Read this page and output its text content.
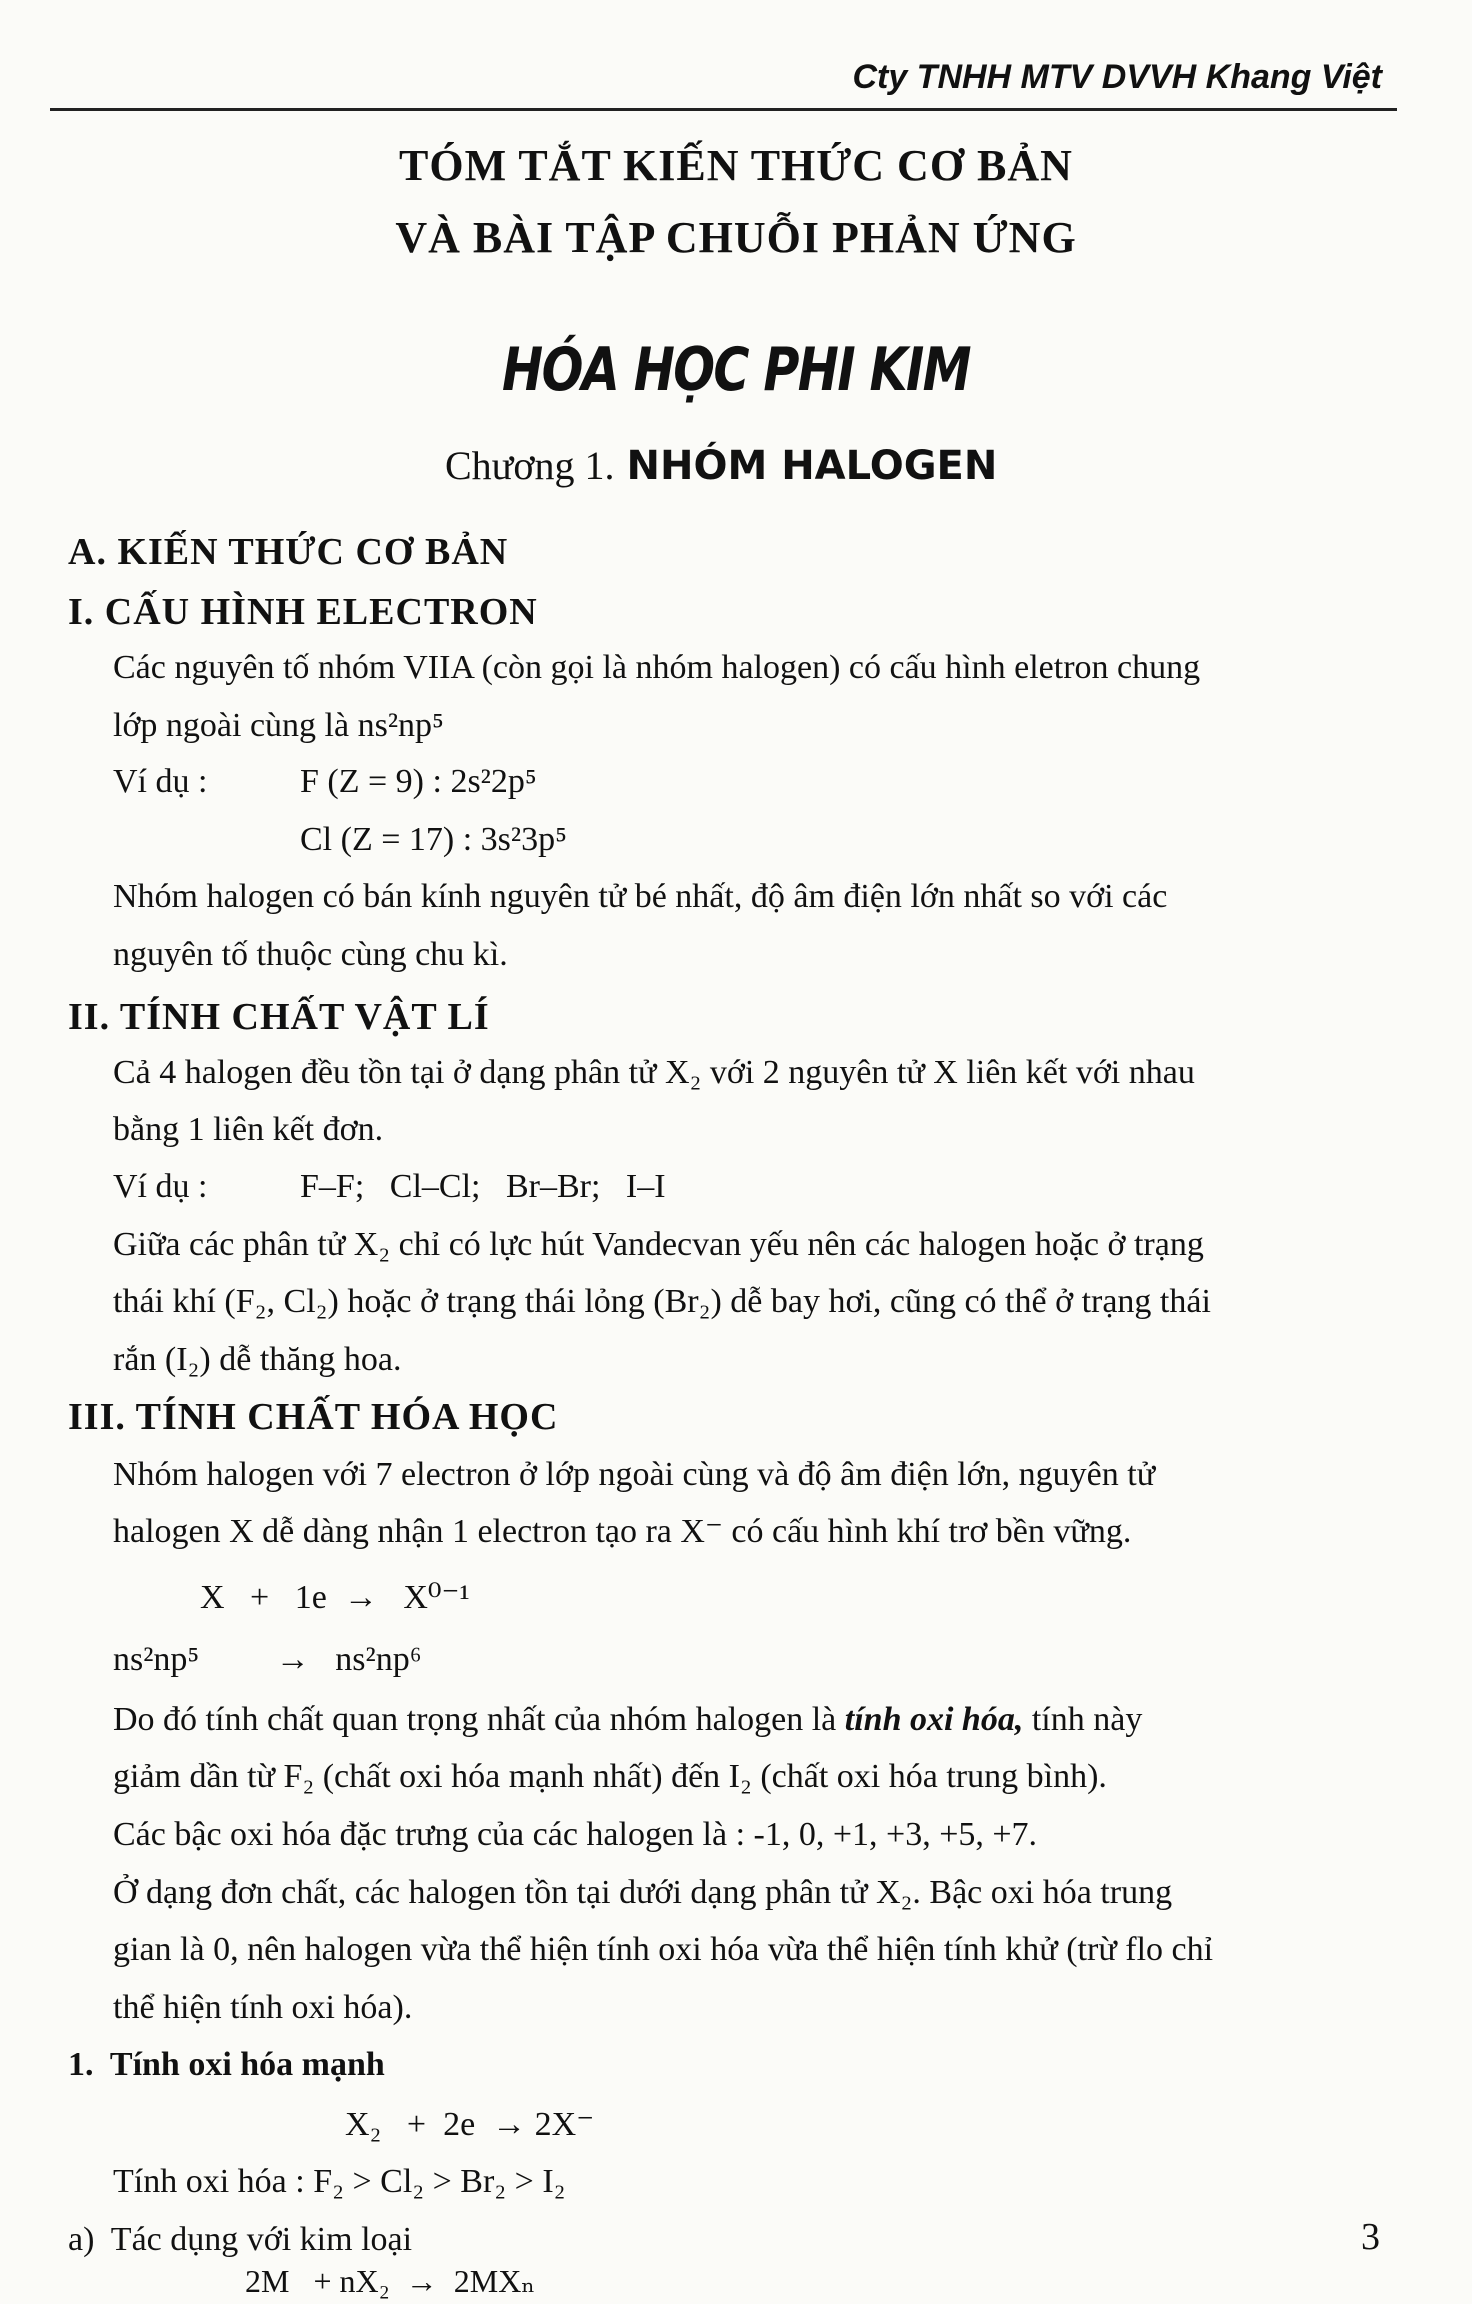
Cty TNHH MTV DVVH Khang Việt
TÓM TẮT KIẾN THỨC CƠ BẢN
VÀ BÀI TẬP CHUỖI PHẢN ỨNG
HÓA HỌC PHI KIM
Chương 1. NHÓM HALOGEN
A. KIẾN THỨC CƠ BẢN
I. CẤU HÌNH ELECTRON
Các nguyên tố nhóm VIIA (còn gọi là nhóm halogen) có cấu hình eletron chung
lớp ngoài cùng là ns²np⁵
Ví dụ :	F (Z = 9) : 2s²2p⁵
Cl (Z = 17) : 3s²3p⁵
Nhóm halogen có bán kính nguyên tử bé nhất, độ âm điện lớn nhất so với các
nguyên tố thuộc cùng chu kì.
II. TÍNH CHẤT VẬT LÍ
Cả 4 halogen đều tồn tại ở dạng phân tử X₂ với 2 nguyên tử X liên kết với nhau
bằng 1 liên kết đơn.
Ví dụ :	F–F;   Cl–Cl;   Br–Br;   I–I
Giữa các phân tử X₂ chỉ có lực hút Vandecvan yếu nên các halogen hoặc ở trạng
thái khí (F₂, Cl₂) hoặc ở trạng thái lỏng (Br₂) dễ bay hơi, cũng có thể ở trạng thái
rắn (I₂) dễ thăng hoa.
III. TÍNH CHẤT HÓA HỌC
Nhóm halogen với 7 electron ở lớp ngoài cùng và độ âm điện lớn, nguyên tử
halogen X dễ dàng nhận 1 electron tạo ra X⁻ có cấu hình khí trơ bền vững.
X   +   1e  →   X⁰⁻¹
ns²np⁵         →   ns²np⁶
Do đó tính chất quan trọng nhất của nhóm halogen là tính oxi hóa, tính này
giảm dần từ F₂ (chất oxi hóa mạnh nhất) đến I₂ (chất oxi hóa trung bình).
Các bậc oxi hóa đặc trưng của các halogen là : -1, 0, +1, +3, +5, +7.
Ở dạng đơn chất, các halogen tồn tại dưới dạng phân tử X₂. Bậc oxi hóa trung
gian là 0, nên halogen vừa thể hiện tính oxi hóa vừa thể hiện tính khử (trừ flo chỉ
thể hiện tính oxi hóa).
1.  Tính oxi hóa mạnh
X₂   +  2e  → 2X⁻
Tính oxi hóa : F₂ > Cl₂ > Br₂ > I₂
a)  Tác dụng với kim loại
2M   + nX₂  →  2MXₙ
3
